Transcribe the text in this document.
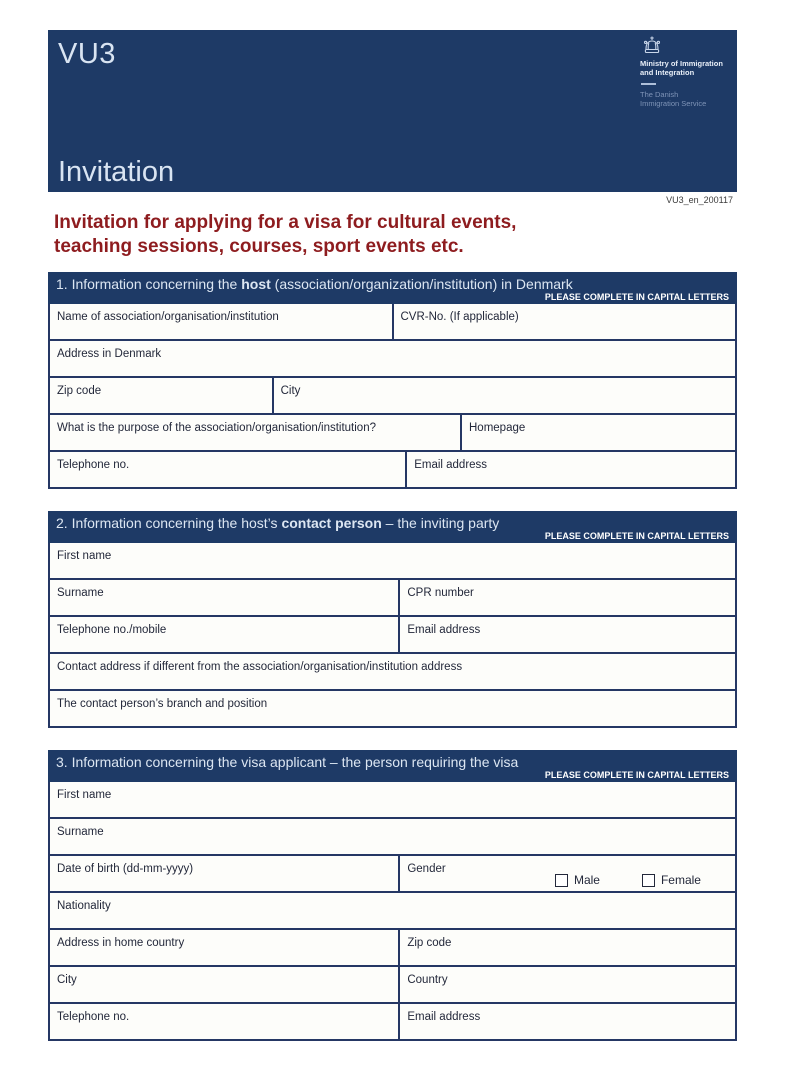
VU3	Ministry of Immigration
and Integration
The Danish
Immigration Service
Invitation
VU3_en_200117
Invitation for applying for a visa for cultural events,
teaching sessions, courses, sport events etc.
1. Information concerning the host (association/organization/institution) in Denmark
PLEASE COMPLETE IN CAPITAL LETTERS
Name of association/organisation/institution	CVR-No. (If applicable)
Address in Denmark
Zip code	City
What is the purpose of the association/organisation/institution?	Homepage
Telephone no.	Email address
2. Information concerning the host’s contact person – the inviting party
PLEASE COMPLETE IN CAPITAL LETTERS
First name
Surname	CPR number
Telephone no./mobile	Email address
Contact address if different from the association/organisation/institution address
The contact person’s branch and position
3. Information concerning the visa applicant – the person requiring the visa
PLEASE COMPLETE IN CAPITAL LETTERS
First name
Surname
Date of birth (dd-mm-yyyy)	Gender
Male	Female
Nationality
Address in home country	Zip code
City	Country
Telephone no.	Email address
